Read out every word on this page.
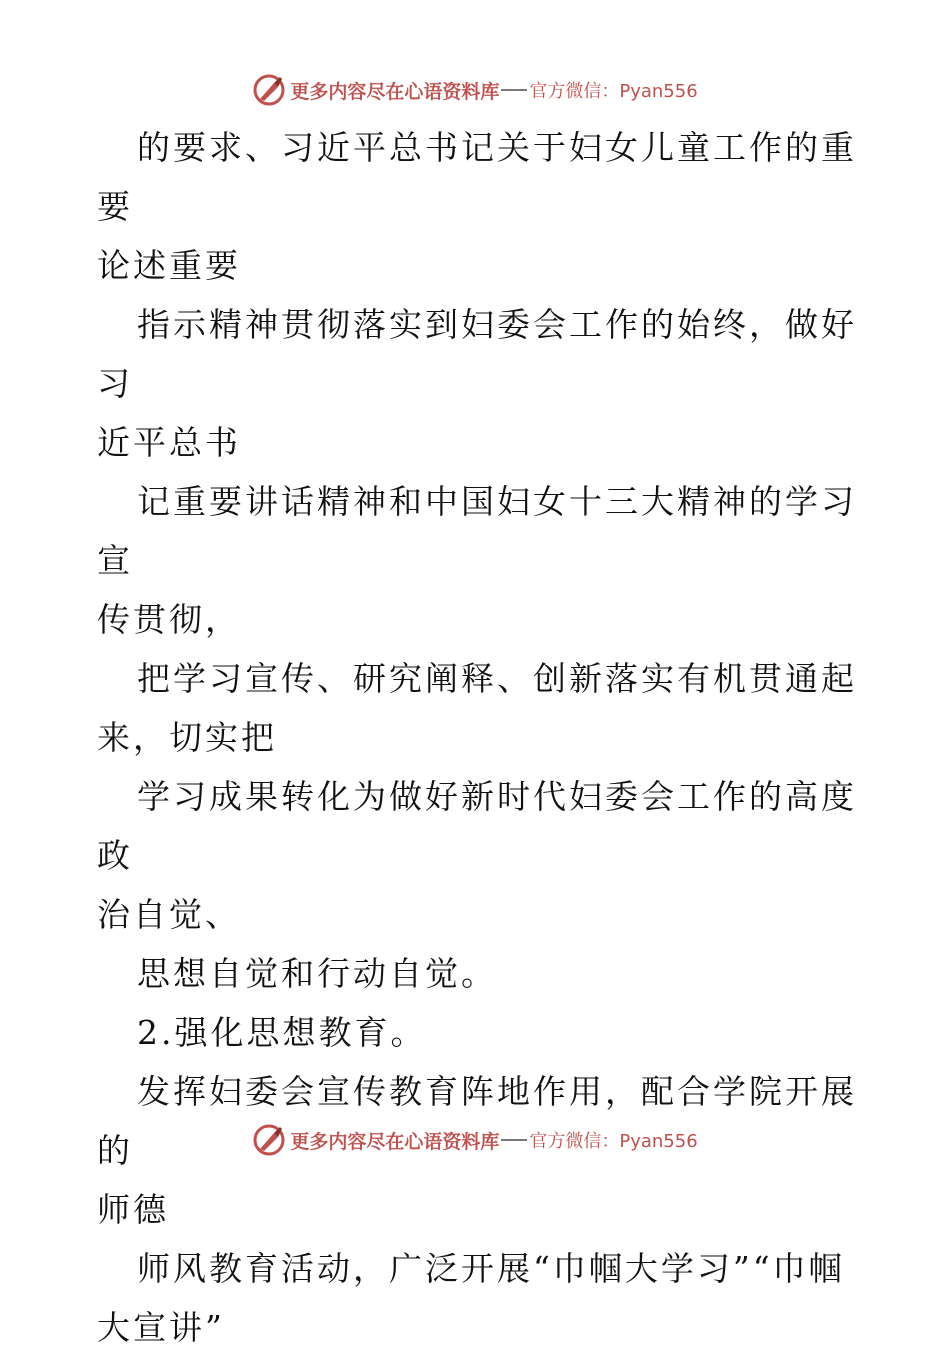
更多内容尽在心语资料库 官方微信：Pyan556

的要求、习近平总书记关于妇女儿童工作的重要

论述重要

指示精神贯彻落实到妇委会工作的始终，做好习

近平总书

记重要讲话精神和中国妇女十三大精神的学习宣

传贯彻，

把学习宣传、研究阐释、创新落实有机贯通起

来，切实把

学习成果转化为做好新时代妇委会工作的高度政

治自觉、

思想自觉和行动自觉。

2.强化思想教育。

发挥妇委会宣传教育阵地作用，配合学院开展的

师德

师风教育活动，广泛开展“巾帼大学习”“巾帼

大宣讲”

更多内容尽在心语资料库 官方微信：Pyan556
